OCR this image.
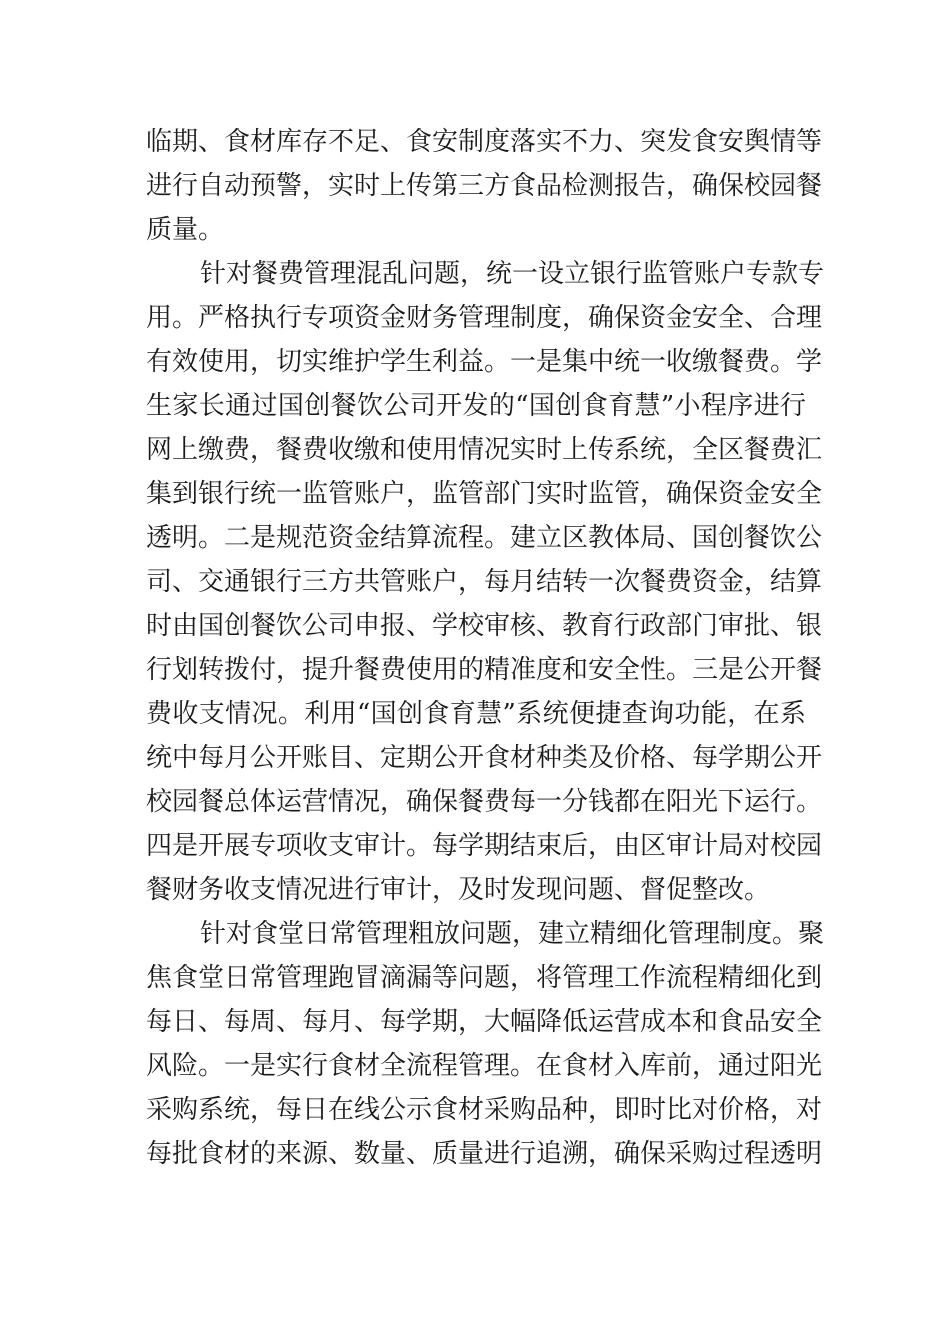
临期、食材库存不足、食安制度落实不力、突发食安舆情等
进行自动预警，实时上传第三方食品检测报告，确保校园餐
质量。
针对餐费管理混乱问题，统一设立银行监管账户专款专
用。严格执行专项资金财务管理制度，确保资金安全、合理
有效使用，切实维护学生利益。一是集中统一收缴餐费。学
生家长通过国创餐饮公司开发的“国创食育慧”小程序进行
网上缴费，餐费收缴和使用情况实时上传系统，全区餐费汇
集到银行统一监管账户，监管部门实时监管，确保资金安全
透明。二是规范资金结算流程。建立区教体局、国创餐饮公
司、交通银行三方共管账户，每月结转一次餐费资金，结算
时由国创餐饮公司申报、学校审核、教育行政部门审批、银
行划转拨付，提升餐费使用的精准度和安全性。三是公开餐
费收支情况。利用“国创食育慧”系统便捷查询功能，在系
统中每月公开账目、定期公开食材种类及价格、每学期公开
校园餐总体运营情况，确保餐费每一分钱都在阳光下运行。
四是开展专项收支审计。每学期结束后，由区审计局对校园
餐财务收支情况进行审计，及时发现问题、督促整改。
针对食堂日常管理粗放问题，建立精细化管理制度。聚
焦食堂日常管理跑冒滴漏等问题，将管理工作流程精细化到
每日、每周、每月、每学期，大幅降低运营成本和食品安全
风险。一是实行食材全流程管理。在食材入库前，通过阳光
采购系统，每日在线公示食材采购品种，即时比对价格，对
每批食材的来源、数量、质量进行追溯，确保采购过程透明
